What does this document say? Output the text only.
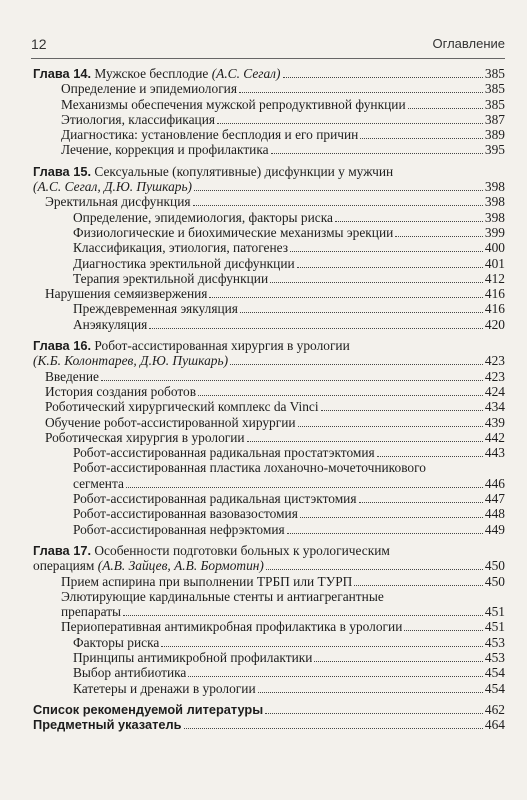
12	Оглавление
Глава 14. Мужское бесплодие (А.С. Сегал)	385
Определение и эпидемиология	385
Механизмы обеспечения мужской репродуктивной функции	385
Этиология, классификация	387
Диагностика: установление бесплодия и его причин	389
Лечение, коррекция и профилактика	395
Глава 15. Сексуальные (копулятивные) дисфункции у мужчин
(А.С. Сегал, Д.Ю. Пушкарь)	398
Эректильная дисфункция	398
Определение, эпидемиология, факторы риска	398
Физиологические и биохимические механизмы эрекции	399
Классификация, этиология, патогенез	400
Диагностика эректильной дисфункции	401
Терапия эректильной дисфункции	412
Нарушения семяизвержения	416
Преждевременная эякуляция	416
Анэякуляция	420
Глава 16. Робот-ассистированная хирургия в урологии
(К.Б. Колонтарев, Д.Ю. Пушкарь)	423
Введение	423
История создания роботов	424
Роботический хирургический комплекс da Vinci	434
Обучение робот-ассистированной хирургии	439
Роботическая хирургия в урологии	442
Робот-ассистированная радикальная простатэктомия	443
Робот-ассистированная пластика лоханочно-мочеточникового
сегмента	446
Робот-ассистированная радикальная цистэктомия	447
Робот-ассистированная вазовазостомия	448
Робот-ассистированная нефрэктомия	449
Глава 17. Особенности подготовки больных к урологическим
операциям (А.В. Зайцев, А.В. Бормотин)	450
Прием аспирина при выполнении ТРБП или ТУРП	450
Элютирующие кардинальные стенты и антиагрегантные
препараты	451
Периоперативная антимикробная профилактика в урологии	451
Факторы риска	453
Принципы антимикробной профилактики	453
Выбор антибиотика	454
Катетеры и дренажи в урологии	454
Список рекомендуемой литературы	462
Предметный указатель	464
